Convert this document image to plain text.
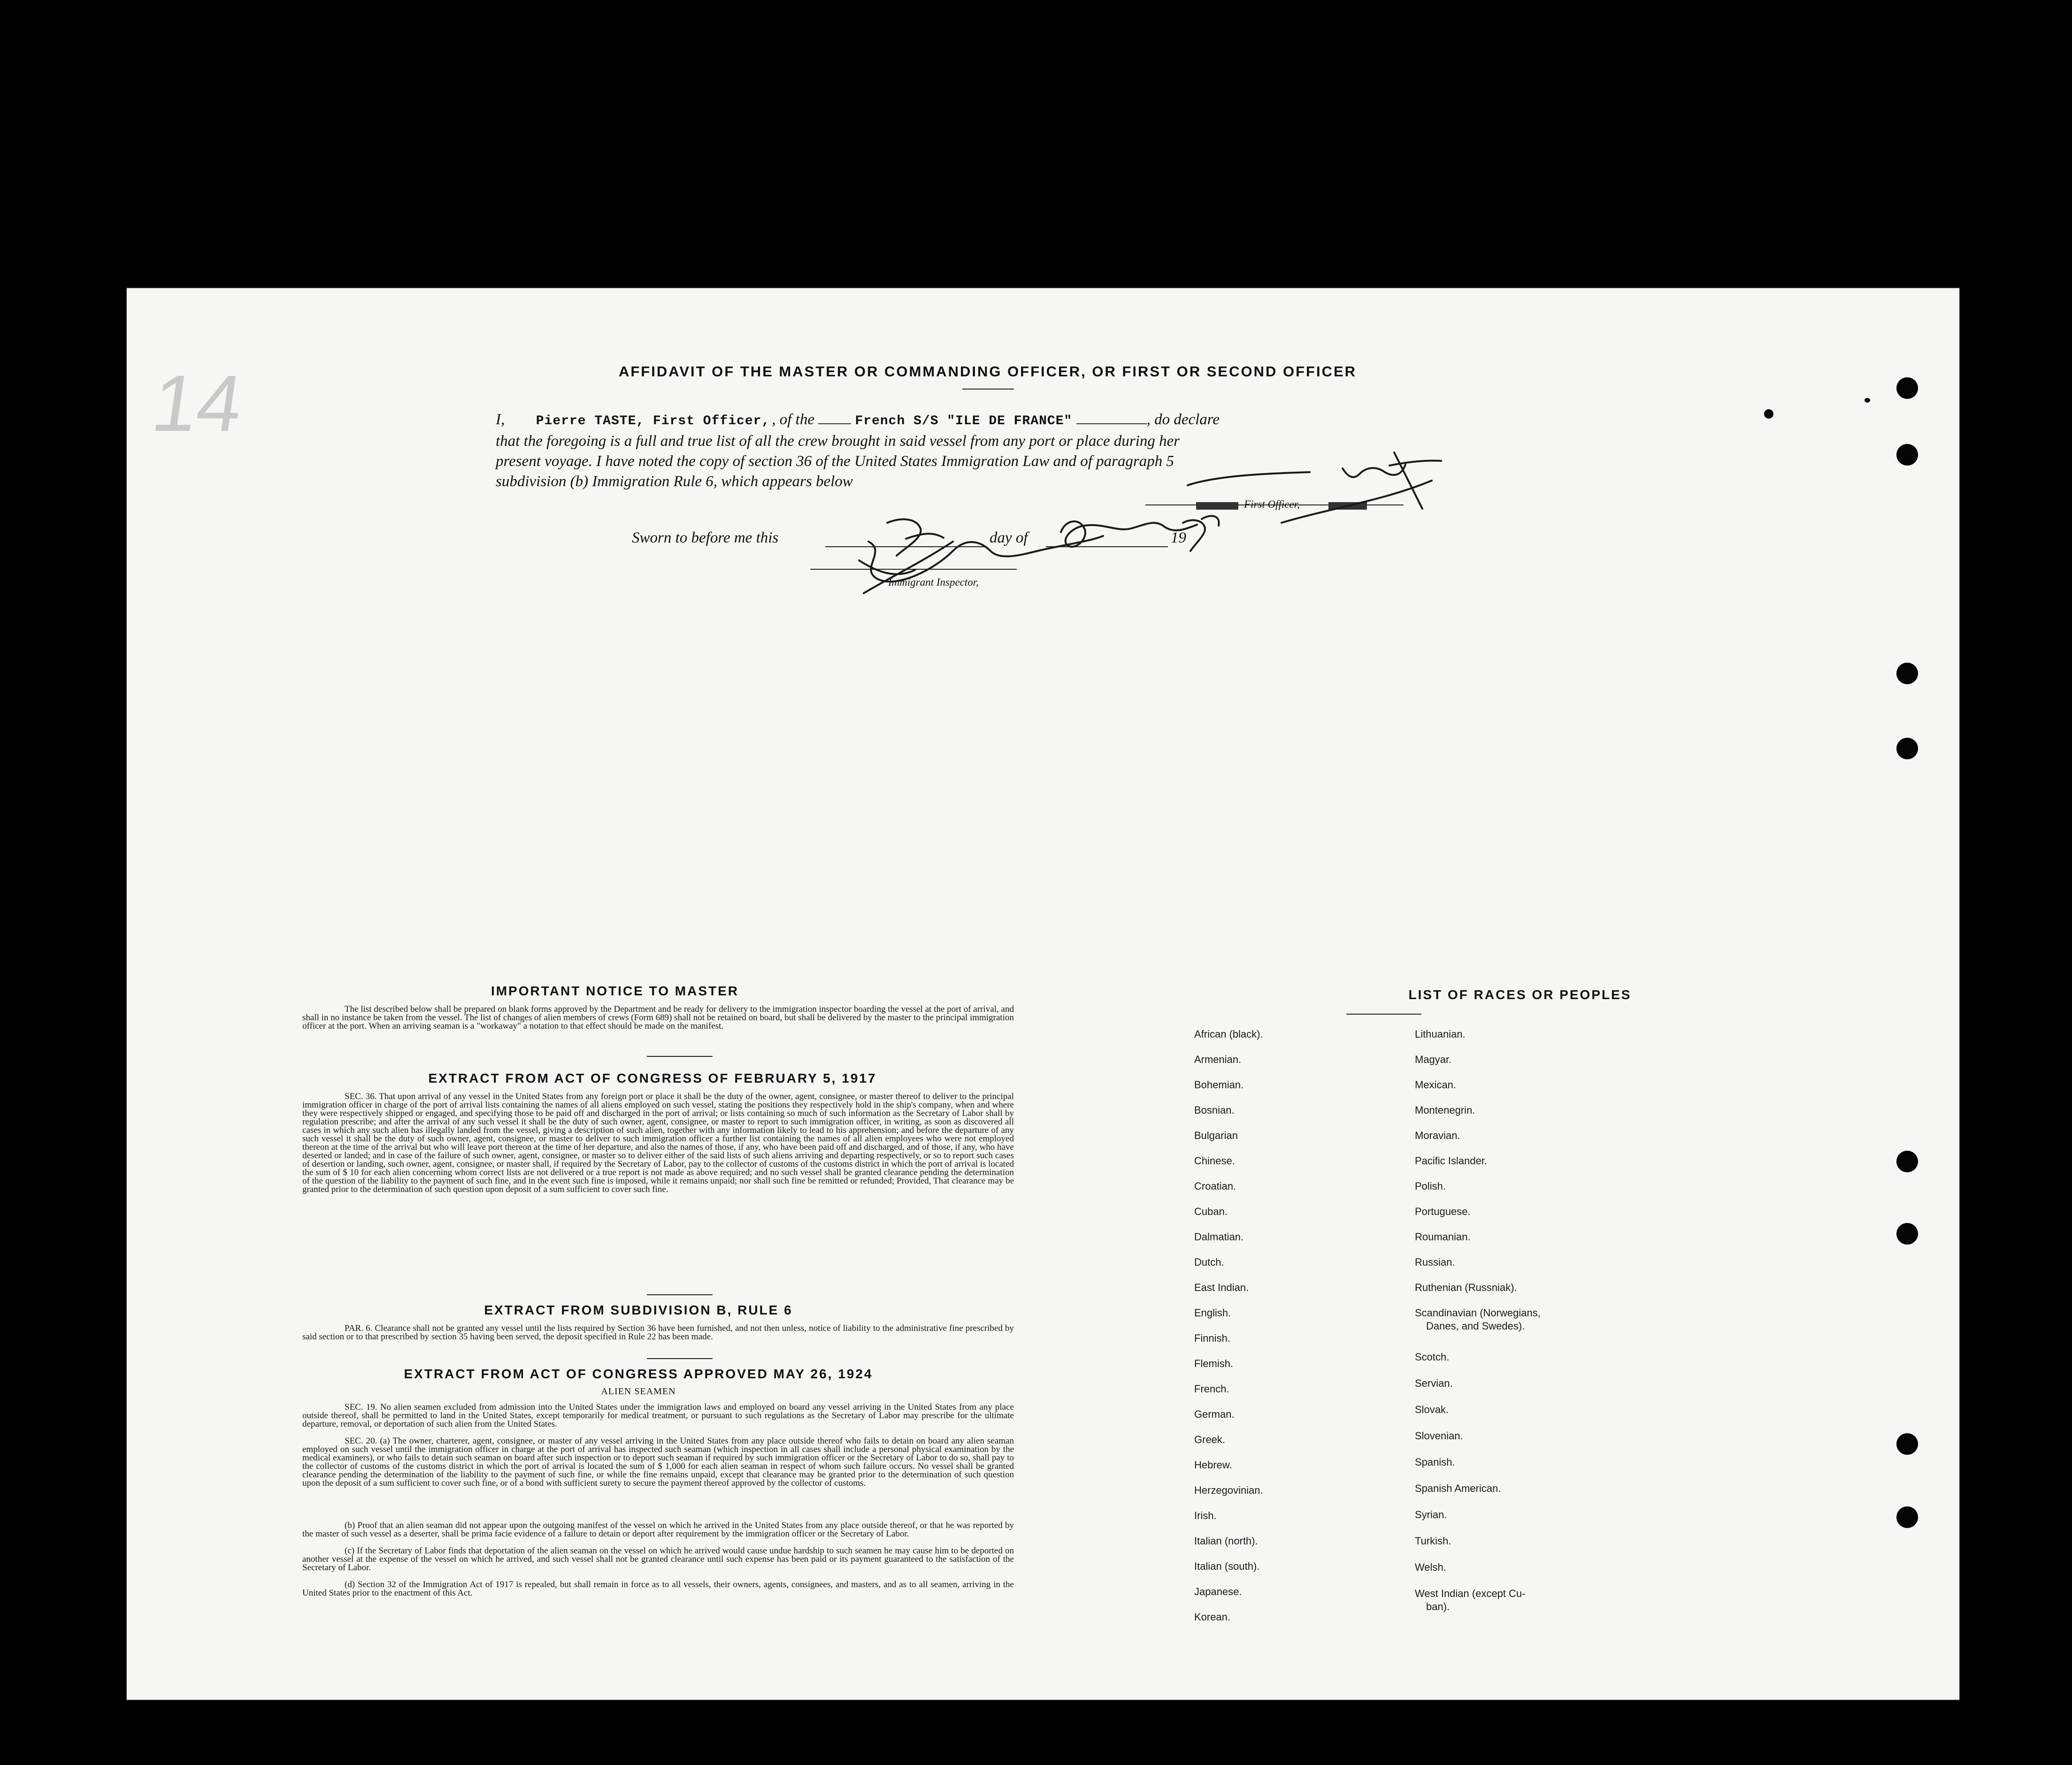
14	AFFIDAVIT OF THE MASTER OR COMMANDING OFFICER, OR FIRST OR SECOND OFFICER
I, Pierre TASTE, First Officer, , of the	French S/S "ILE DE FRANCE"	, do declare
that the foregoing is a full and true list of all the crew brought in said vessel from any port or place during her
present voyage. I have noted the copy of section 36 of the United States Immigration Law and of paragraph 5
subdivision (b) Immigration Rule 6, which appears below
First Officer,
Sworn to before me this	day of	19
Immigrant Inspector,
IMPORTANT NOTICE TO MASTER
The list described below shall be prepared on blank forms approved by the Department and be ready for delivery to the immigration inspector boarding the vessel at the port of arrival, and shall in no instance be taken from the vessel. The list of changes of alien members of crews (Form 689) shall not be retained on board, but shall be delivered by the master to the principal immigration officer at the port. When an arriving seaman is a "workaway" a notation to that effect should be made on the manifest.
EXTRACT FROM ACT OF CONGRESS OF FEBRUARY 5, 1917
SEC. 36. That upon arrival of any vessel in the United States from any foreign port or place it shall be the duty of the owner, agent, consignee, or master thereof to deliver to the principal immigration officer in charge of the port of arrival lists containing the names of all aliens employed on such vessel, stating the positions they respectively hold in the ship's company, when and where they were respectively shipped or engaged, and specifying those to be paid off and discharged in the port of arrival; or lists containing so much of such information as the Secretary of Labor shall by regulation prescribe; and after the arrival of any such vessel it shall be the duty of such owner, agent, consignee, or master to report to such immigration officer, in writing, as soon as discovered all cases in which any such alien has illegally landed from the vessel, giving a description of such alien, together with any information likely to lead to his apprehension; and before the departure of any such vessel it shall be the duty of such owner, agent, consignee, or master to deliver to such immigration officer a further list containing the names of all alien employees who were not employed thereon at the time of the arrival but who will leave port thereon at the time of her departure, and also the names of those, if any, who have been paid off and discharged, and of those, if any, who have deserted or landed; and in case of the failure of such owner, agent, consignee, or master so to deliver either of the said lists of such aliens arriving and departing respectively, or so to report such cases of desertion or landing, such owner, agent, consignee, or master shall, if required by the Secretary of Labor, pay to the collector of customs of the customs district in which the port of arrival is located the sum of $ 10 for each alien concerning whom correct lists are not delivered or a true report is not made as above required; and no such vessel shall be granted clearance pending the determination of the question of the liability to the payment of such fine, and in the event such fine is imposed, while it remains unpaid; nor shall such fine be remitted or refunded; Provided, That clearance may be granted prior to the determination of such question upon deposit of a sum sufficient to cover such fine.
EXTRACT FROM SUBDIVISION B, RULE 6
PAR. 6. Clearance shall not be granted any vessel until the lists required by Section 36 have been furnished, and not then unless, notice of liability to the administrative fine prescribed by said section or to that prescribed by section 35 having been served, the deposit specified in Rule 22 has been made.
EXTRACT FROM ACT OF CONGRESS APPROVED MAY 26, 1924
ALIEN SEAMEN
SEC. 19. No alien seamen excluded from admission into the United States under the immigration laws and employed on board any vessel arriving in the United States from any place outside thereof, shall be permitted to land in the United States, except temporarily for medical treatment, or pursuant to such regulations as the Secretary of Labor may prescribe for the ultimate departure, removal, or deportation of such alien from the United States.
SEC. 20. (a) The owner, charterer, agent, consignee, or master of any vessel arriving in the United States from any place outside thereof who fails to detain on board any alien seaman employed on such vessel until the immigration officer in charge at the port of arrival has inspected such seaman (which inspection in all cases shall include a personal physical examination by the medical examiners), or who fails to detain such seaman on board after such inspection or to deport such seaman if required by such immigration officer or the Secretary of Labor to do so, shall pay to the collector of customs of the customs district in which the port of arrival is located the sum of $ 1,000 for each alien seaman in respect of whom such failure occurs. No vessel shall be granted clearance pending the determination of the liability to the payment of such fine, or while the fine remains unpaid, except that clearance may be granted prior to the determination of such question upon the deposit of a sum sufficient to cover such fine, or of a bond with sufficient surety to secure the payment thereof approved by the collector of customs.
(b) Proof that an alien seaman did not appear upon the outgoing manifest of the vessel on which he arrived in the United States from any place outside thereof, or that he was reported by the master of such vessel as a deserter, shall be prima facie evidence of a failure to detain or deport after requirement by the immigration officer or the Secretary of Labor.
(c) If the Secretary of Labor finds that deportation of the alien seaman on the vessel on which he arrived would cause undue hardship to such seamen he may cause him to be deported on another vessel at the expense of the vessel on which he arrived, and such vessel shall not be granted clearance until such expense has been paid or its payment guaranteed to the satisfaction of the Secretary of Labor.
(d) Section 32 of the Immigration Act of 1917 is repealed, but shall remain in force as to all vessels, their owners, agents, consignees, and masters, and as to all seamen, arriving in the United States prior to the enactment of this Act.
LIST OF RACES OR PEOPLES
African (black).
Armenian.
Bohemian.
Bosnian.
Bulgarian
Chinese.
Croatian.
Cuban.
Dalmatian.
Dutch.
East Indian.
English.
Finnish.
Flemish.
French.
German.
Greek.
Hebrew.
Herzegovinian.
Irish.
Italian (north).
Italian (south).
Japanese.
Korean.
Lithuanian.
Magyar.
Mexican.
Montenegrin.
Moravian.
Pacific Islander.
Polish.
Portuguese.
Roumanian.
Russian.
Ruthenian (Russniak).
Scandinavian (Norwegians,
Danes, and Swedes).
Scotch.
Servian.
Slovak.
Slovenian.
Spanish.
Spanish American.
Syrian.
Turkish.
Welsh.
West Indian (except Cu-
ban).
